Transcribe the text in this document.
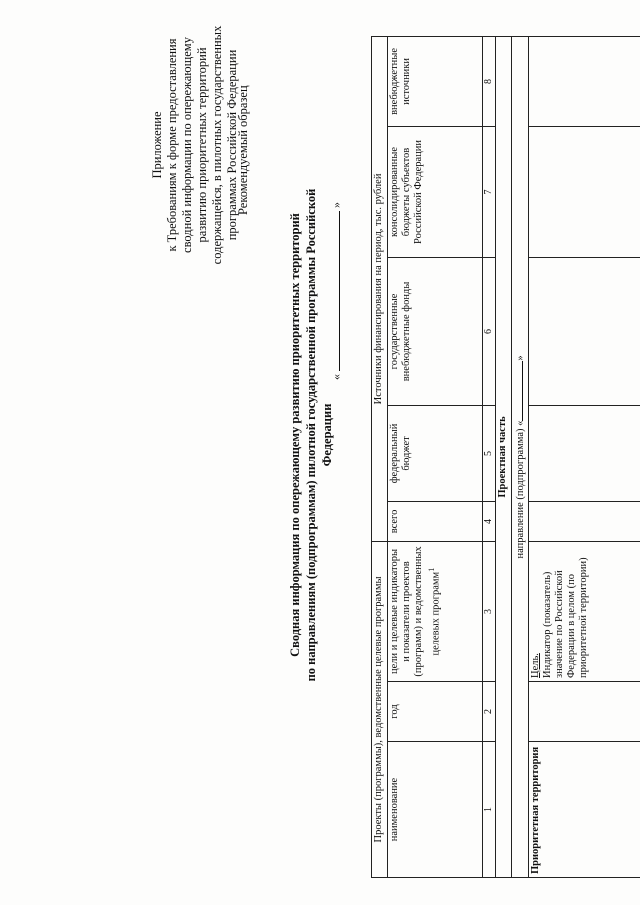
Приложение к Требованиям к форме предоставления сводной информации по опережающему развитию приоритетных территорий содержащейся, в пилотных государственных программах Российской Федерации
Рекомендуемый образец
Сводная информация по опережающему развитию приоритетных территорий по направлениям (подпрограммам) пилотной государственной программы Российской Федерации
«»
Проекты (программы), ведомственные целевые программы			Источники финансирования на период, тыс. рублей				
наименование	год	цели и целевые индикаторы и показатели проектов (программ) и ведомственных целевых программ$^1$	всего	федеральный бюджет	государственные внебюджетные фонды	консолидированные бюджеты субъектов Российской Федерации	внебюджетные источники
1	2	3	4	5	6	7	8
Проектная часть							
направление (подпрограмма) «»							
Приоритетная территория		Цель. Индикатор (показатель) значение по Российской Федерации в целом (по приоритетной территории)					
